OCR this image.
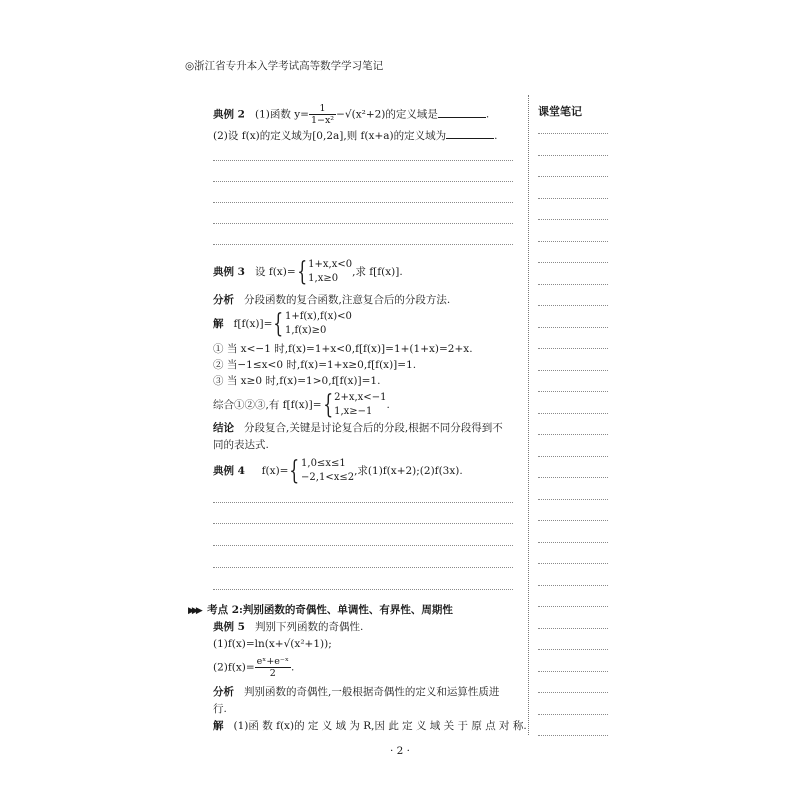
◎浙江省专升本入学考试高等数学学习笔记
课堂笔记
典例 2 (1)函数 $y= \frac{1}{\text{1−x²}} -√(x^2+2)$的定义域是	.
(2)设 f(x)的定义域为[0,2a],则 f(x+a)的定义域为	.
典例 3 设 f(x)={1+x,x<0
1,x≥0,求 f[f(x)].
分析 分段函数的复合函数,注意复合后的分段方法.
解 f[f(x)]={1+f(x),f(x)<0
1,f(x)≥0
① 当 x<−1 时,f(x)=1+x<0,f[f(x)]=1+(1+x)=2+x.
② 当−1≤x<0 时,f(x)=1+x≥0,f[f(x)]=1.
③ 当 x≥0 时,f(x)=1>0,f[f(x)]=1.
综合①②③,有 f[f(x)]={2+x,x<−1
1,x≥−1.
结论 分段复合,关键是讨论复合后的分段,根据不同分段得到不
同的表达式.
典例 4 f(x)={1,0≤x≤1
−2,1<x≤2,求(1)f(x+2);(2)f(3x).
▶▶▶ 考点 2:判别函数的奇偶性、单调性、有界性、周期性
典例 5 判别下列函数的奇偶性.
(1)f(x)=ln(x+√(x²+1));
$(2)f(x)= \frac{\text{eˣ+e⁻ˣ}}{2}$ .
分析 判别函数的奇偶性,一般根据奇偶性的定义和运算性质进
行.
解 (1)函 数 f(x)的 定 义 域 为 R,因 此 定 义 域 关 于 原 点 对 称.
· 2 ·
